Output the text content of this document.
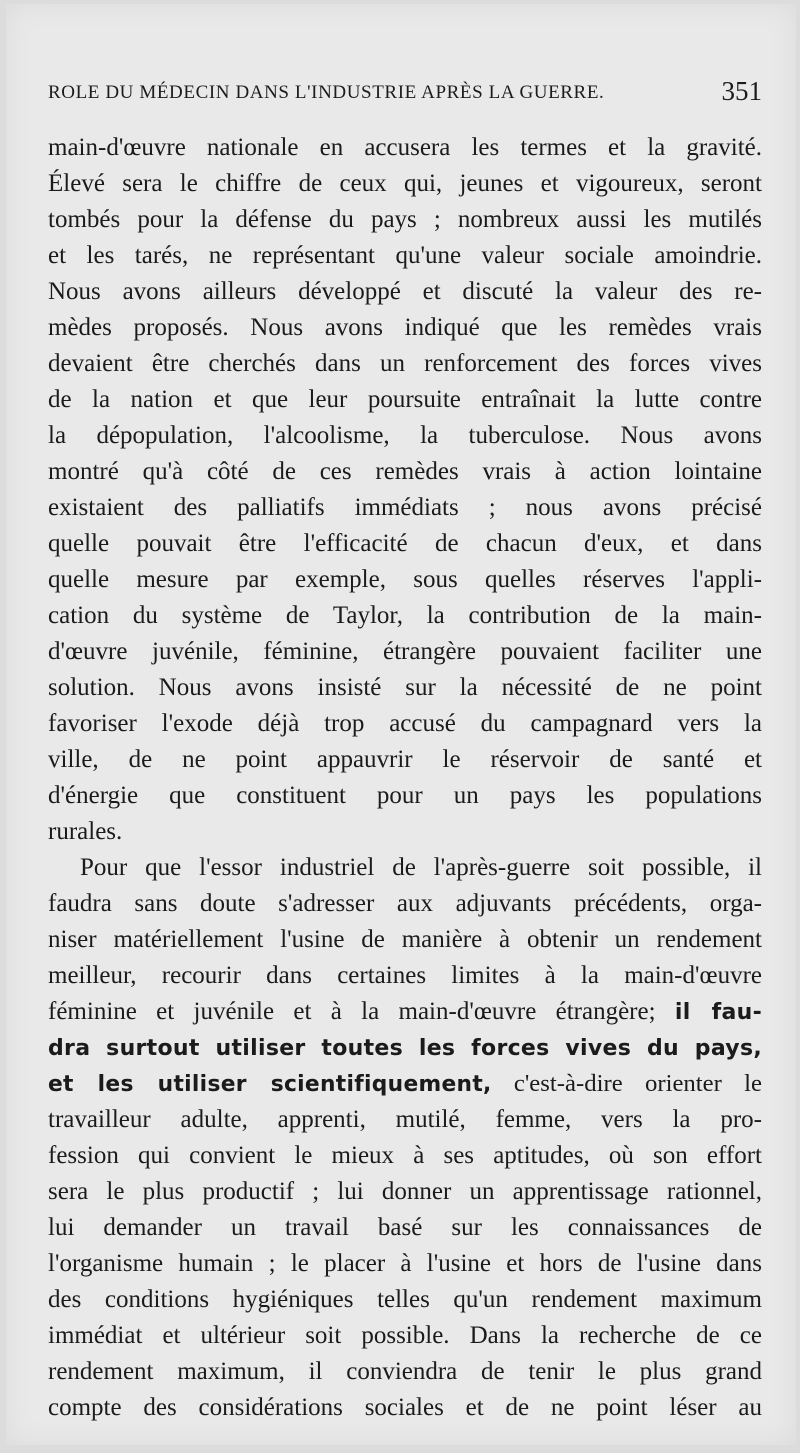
ROLE DU MÉDECIN DANS L'INDUSTRIE APRÈS LA GUERRE.	351
main-d'œuvre nationale en accusera les termes et la gravité.
Élevé sera le chiffre de ceux qui, jeunes et vigoureux, seront
tombés pour la défense du pays ; nombreux aussi les mutilés
et les tarés, ne représentant qu'une valeur sociale amoindrie.
Nous avons ailleurs développé et discuté la valeur des re-
mèdes proposés. Nous avons indiqué que les remèdes vrais
devaient être cherchés dans un renforcement des forces vives
de la nation et que leur poursuite entraînait la lutte contre
la dépopulation, l'alcoolisme, la tuberculose. Nous avons
montré qu'à côté de ces remèdes vrais à action lointaine
existaient des palliatifs immédiats ; nous avons précisé
quelle pouvait être l'efficacité de chacun d'eux, et dans
quelle mesure par exemple, sous quelles réserves l'appli-
cation du système de Taylor, la contribution de la main-
d'œuvre juvénile, féminine, étrangère pouvaient faciliter une
solution. Nous avons insisté sur la nécessité de ne point
favoriser l'exode déjà trop accusé du campagnard vers la
ville, de ne point appauvrir le réservoir de santé et
d'énergie que constituent pour un pays les populations
rurales.
Pour que l'essor industriel de l'après-guerre soit possible, il
faudra sans doute s'adresser aux adjuvants précédents, orga-
niser matériellement l'usine de manière à obtenir un rendement
meilleur, recourir dans certaines limites à la main-d'œuvre
féminine et juvénile et à la main-d'œuvre étrangère; il fau-
dra surtout utiliser toutes les forces vives du pays,
et les utiliser scientifiquement, c'est-à-dire orienter le
travailleur adulte, apprenti, mutilé, femme, vers la pro-
fession qui convient le mieux à ses aptitudes, où son effort
sera le plus productif ; lui donner un apprentissage rationnel,
lui demander un travail basé sur les connaissances de
l'organisme humain ; le placer à l'usine et hors de l'usine dans
des conditions hygiéniques telles qu'un rendement maximum
immédiat et ultérieur soit possible. Dans la recherche de ce
rendement maximum, il conviendra de tenir le plus grand
compte des considérations sociales et de ne point léser au
